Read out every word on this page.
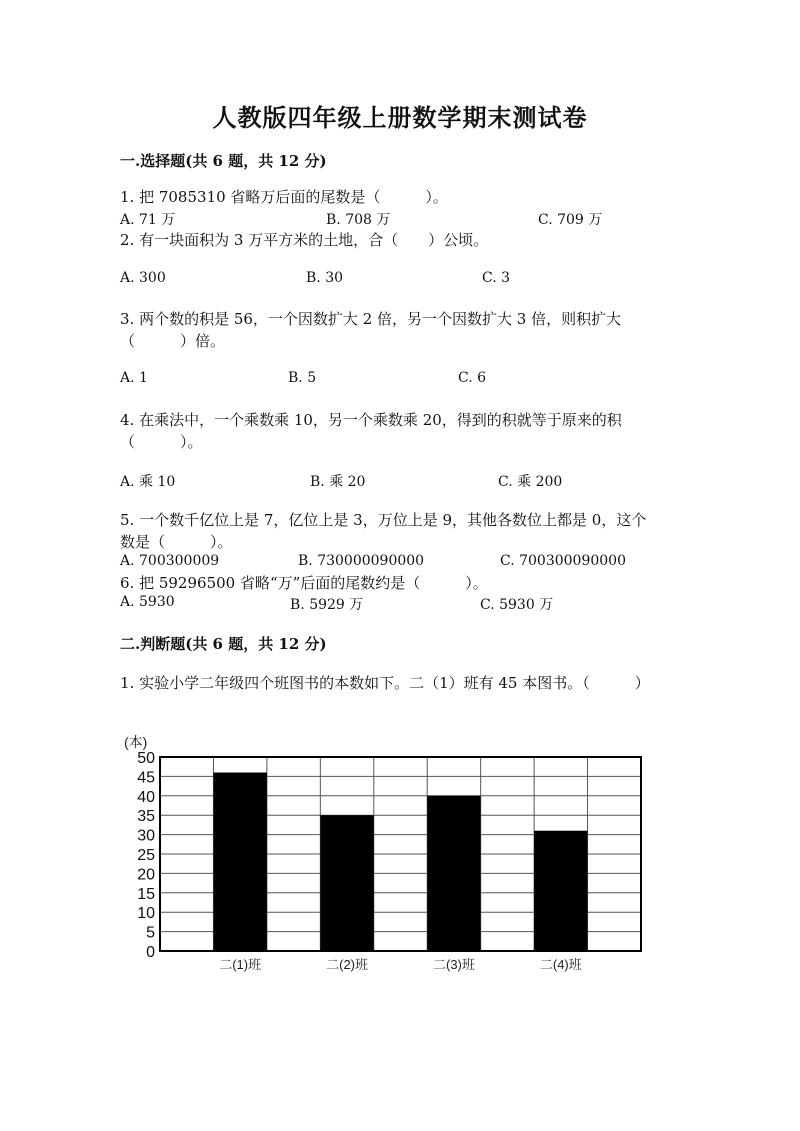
人教版四年级上册数学期末测试卷
一.选择题(共 6 题，共 12 分)
1. 把 7085310 省略万后面的尾数是（　　　）。
A. 71 万	B. 708 万	C. 709 万
2. 有一块面积为 3 万平方米的土地，合（　　）公顷。
A. 300	B. 30	C. 3
3. 两个数的积是 56，一个因数扩大 2 倍，另一个因数扩大 3 倍，则积扩大
（　　　）倍。
A. 1	B. 5	C. 6
4. 在乘法中，一个乘数乘 10，另一个乘数乘 20，得到的积就等于原来的积
（　　　）。
A. 乘 10	B. 乘 20	C. 乘 200
5. 一个数千亿位上是 7，亿位上是 3，万位上是 9，其他各数位上都是 0，这个
数是（　　　）。
A. 700300009	B. 730000090000	C. 700300090000
6. 把 59296500 省略“万”后面的尾数约是（　　　）。
A. 5930	B. 5929 万	C. 5930 万
二.判断题(共 6 题，共 12 分)
1. 实验小学二年级四个班图书的本数如下。二（1）班有 45 本图书。（　　　）
(本)
0
5
10
15
20
25
30
35
40
45
50
二(1)班	二(2)班	二(3)班	二(4)班
